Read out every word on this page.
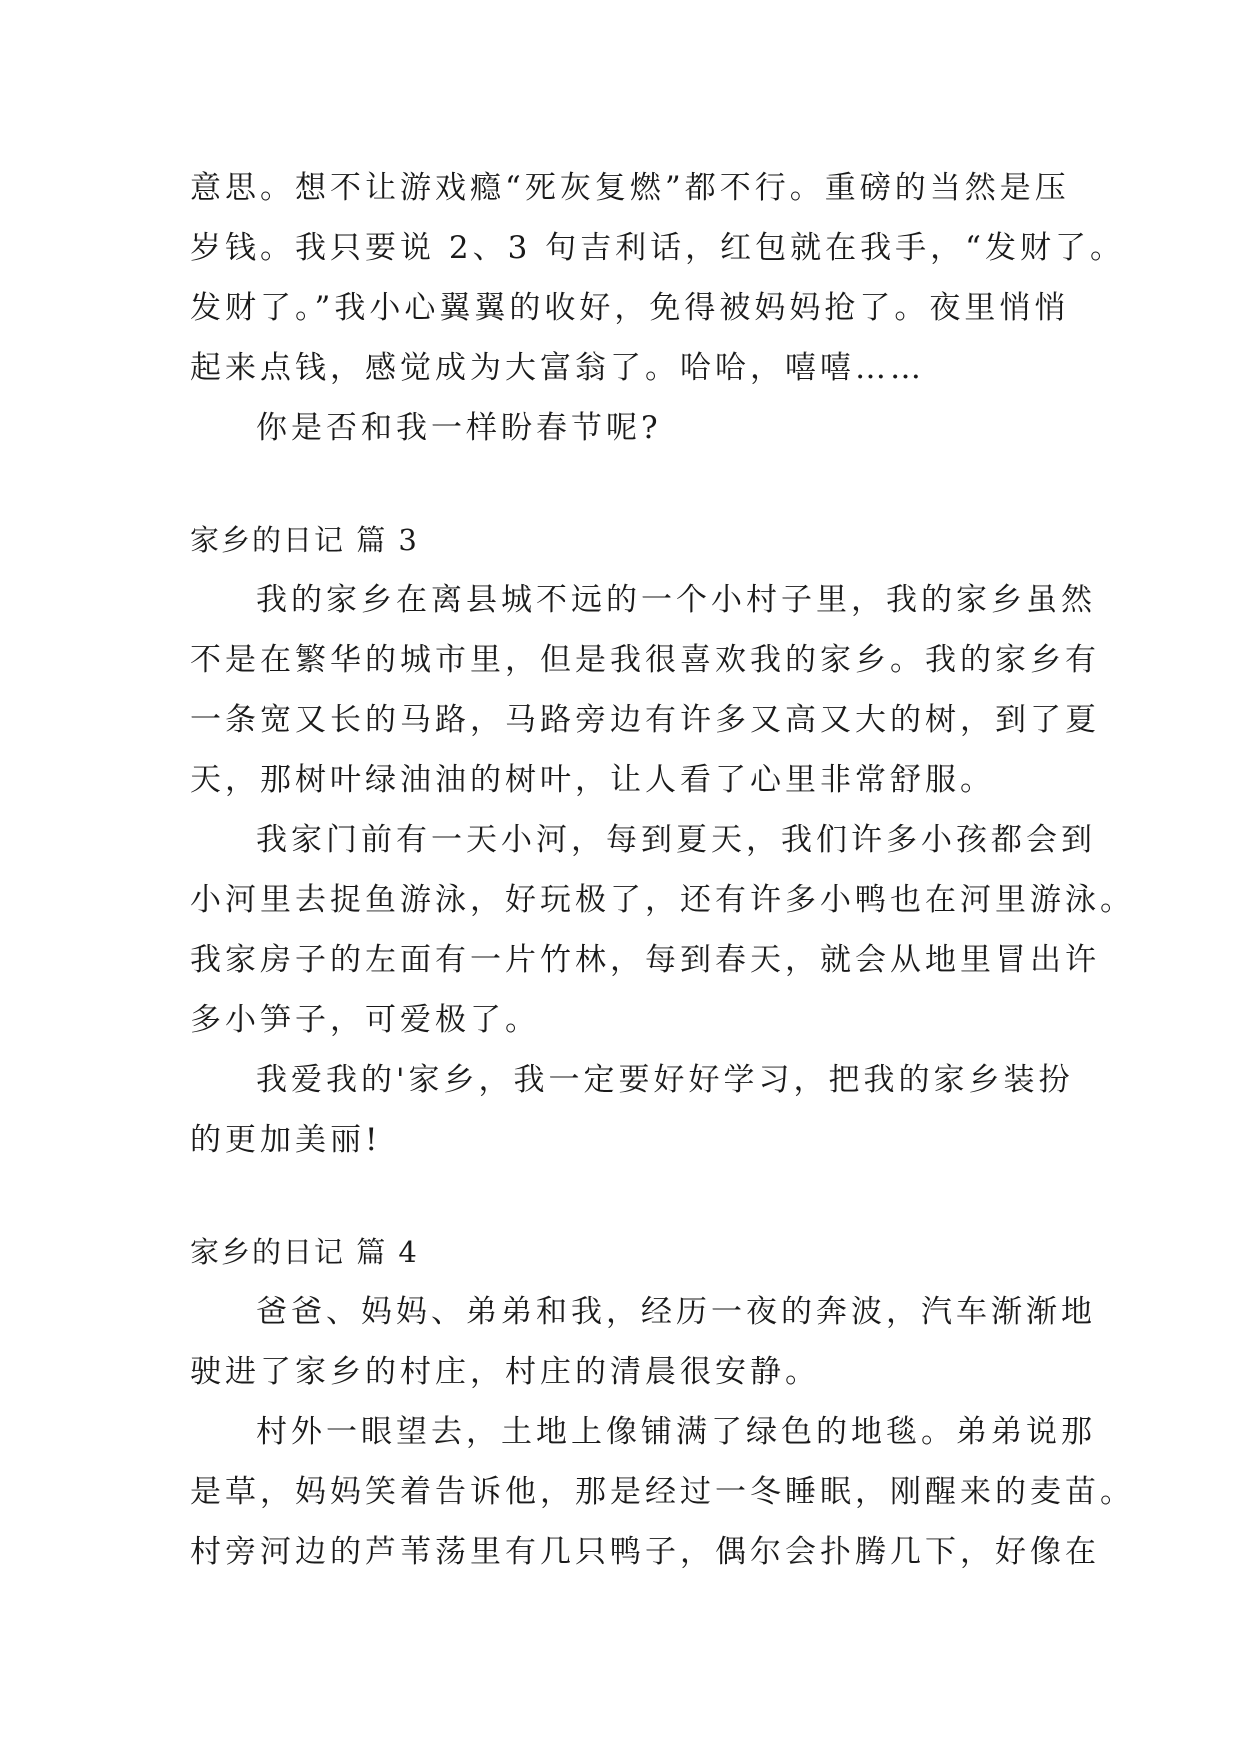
意思。想不让游戏瘾“死灰复燃”都不行。重磅的当然是压
岁钱。我只要说 2、3 句吉利话，红包就在我手，“发财了。
发财了。”我小心翼翼的收好，免得被妈妈抢了。夜里悄悄
起来点钱，感觉成为大富翁了。哈哈，嘻嘻……
你是否和我一样盼春节呢?
家乡的日记 篇 3
我的家乡在离县城不远的一个小村子里，我的家乡虽然
不是在繁华的城市里，但是我很喜欢我的家乡。我的家乡有
一条宽又长的马路，马路旁边有许多又高又大的树，到了夏
天，那树叶绿油油的树叶，让人看了心里非常舒服。
我家门前有一天小河，每到夏天，我们许多小孩都会到
小河里去捉鱼游泳，好玩极了，还有许多小鸭也在河里游泳。
我家房子的左面有一片竹林，每到春天，就会从地里冒出许
多小笋子，可爱极了。
我爱我的'家乡，我一定要好好学习，把我的家乡装扮
的更加美丽!
家乡的日记 篇 4
爸爸、妈妈、弟弟和我，经历一夜的奔波，汽车渐渐地
驶进了家乡的村庄，村庄的清晨很安静。
村外一眼望去，土地上像铺满了绿色的地毯。弟弟说那
是草，妈妈笑着告诉他，那是经过一冬睡眠，刚醒来的麦苗。
村旁河边的芦苇荡里有几只鸭子，偶尔会扑腾几下，好像在
